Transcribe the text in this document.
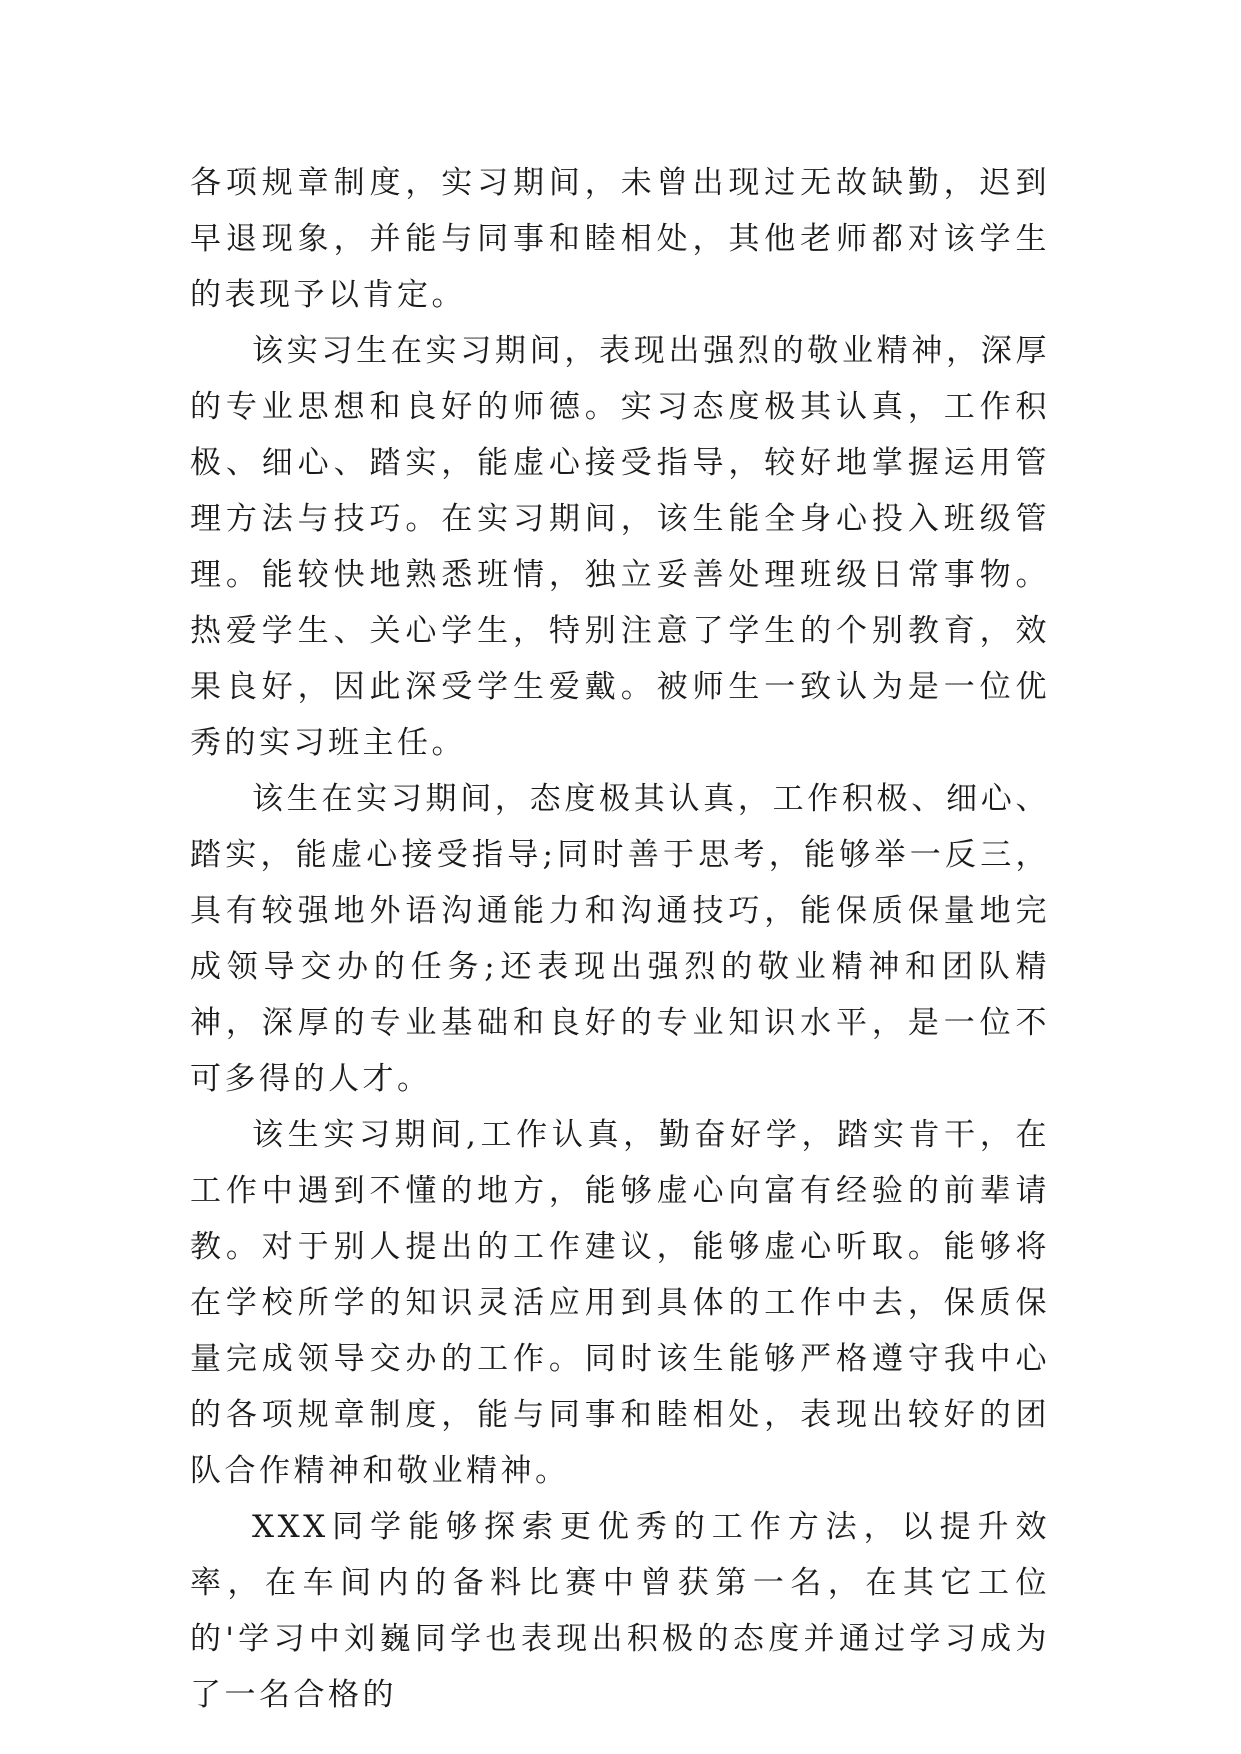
各项规章制度，实习期间，未曾出现过无故缺勤，迟到早退现象，并能与同事和睦相处，其他老师都对该学生的表现予以肯定。

该实习生在实习期间，表现出强烈的敬业精神，深厚的专业思想和良好的师德。实习态度极其认真，工作积极、细心、踏实，能虚心接受指导，较好地掌握运用管理方法与技巧。在实习期间，该生能全身心投入班级管理。能较快地熟悉班情，独立妥善处理班级日常事物。热爱学生、关心学生，特别注意了学生的个别教育，效果良好，因此深受学生爱戴。被师生一致认为是一位优秀的实习班主任。

该生在实习期间，态度极其认真，工作积极、细心、踏实，能虚心接受指导;同时善于思考，能够举一反三，具有较强地外语沟通能力和沟通技巧，能保质保量地完成领导交办的任务;还表现出强烈的敬业精神和团队精神，深厚的专业基础和良好的专业知识水平，是一位不可多得的人才。

该生实习期间,工作认真，勤奋好学，踏实肯干，在工作中遇到不懂的地方，能够虚心向富有经验的前辈请教。对于别人提出的工作建议，能够虚心听取。能够将在学校所学的知识灵活应用到具体的工作中去，保质保量完成领导交办的工作。同时该生能够严格遵守我中心的各项规章制度，能与同事和睦相处，表现出较好的团队合作精神和敬业精神。

XXX同学能够探索更优秀的工作方法，以提升效率，在车间内的备料比赛中曾获第一名，在其它工位的'学习中刘巍同学也表现出积极的态度并通过学习成为了一名合格的
